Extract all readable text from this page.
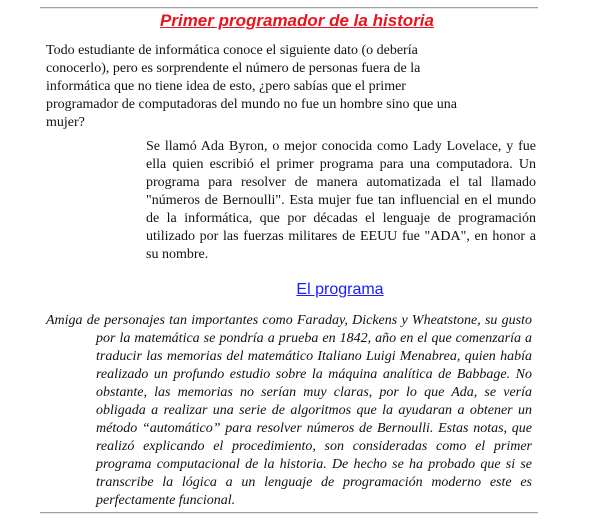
Primer programador de la historia
Todo estudiante de informática conoce el siguiente dato (o debería conocerlo), pero es sorprendente el número de personas fuera de la informática que no tiene idea de esto, ¿pero sabías que el primer programador de computadoras del mundo no fue un hombre sino que una mujer?
Se llamó Ada Byron, o mejor conocida como Lady Lovelace, y fue ella quien escribió el primer programa para una computadora. Un programa para resolver de manera automatizada el tal llamado "números de Bernoulli". Esta mujer fue tan influencial en el mundo de la informática, que por décadas el lenguaje de programación utilizado por las fuerzas militares de EEUU fue "ADA", en honor a su nombre.
El programa
Amiga de personajes tan importantes como Faraday, Dickens y Wheatstone, su gusto por la matemática se pondría a prueba en 1842, año en el que comenzaría a traducir las memorias del matemático Italiano Luigi Menabrea, quien había realizado un profundo estudio sobre la máquina analítica de Babbage. No obstante, las memorias no serían muy claras, por lo que Ada, se vería obligada a realizar una serie de algoritmos que la ayudaran a obtener un método “automático” para resolver números de Bernoulli. Estas notas, que realizó explicando el procedimiento, son consideradas como el primer programa computacional de la historia. De hecho se ha probado que si se transcribe la lógica a un lenguaje de programación moderno este es perfectamente funcional.
